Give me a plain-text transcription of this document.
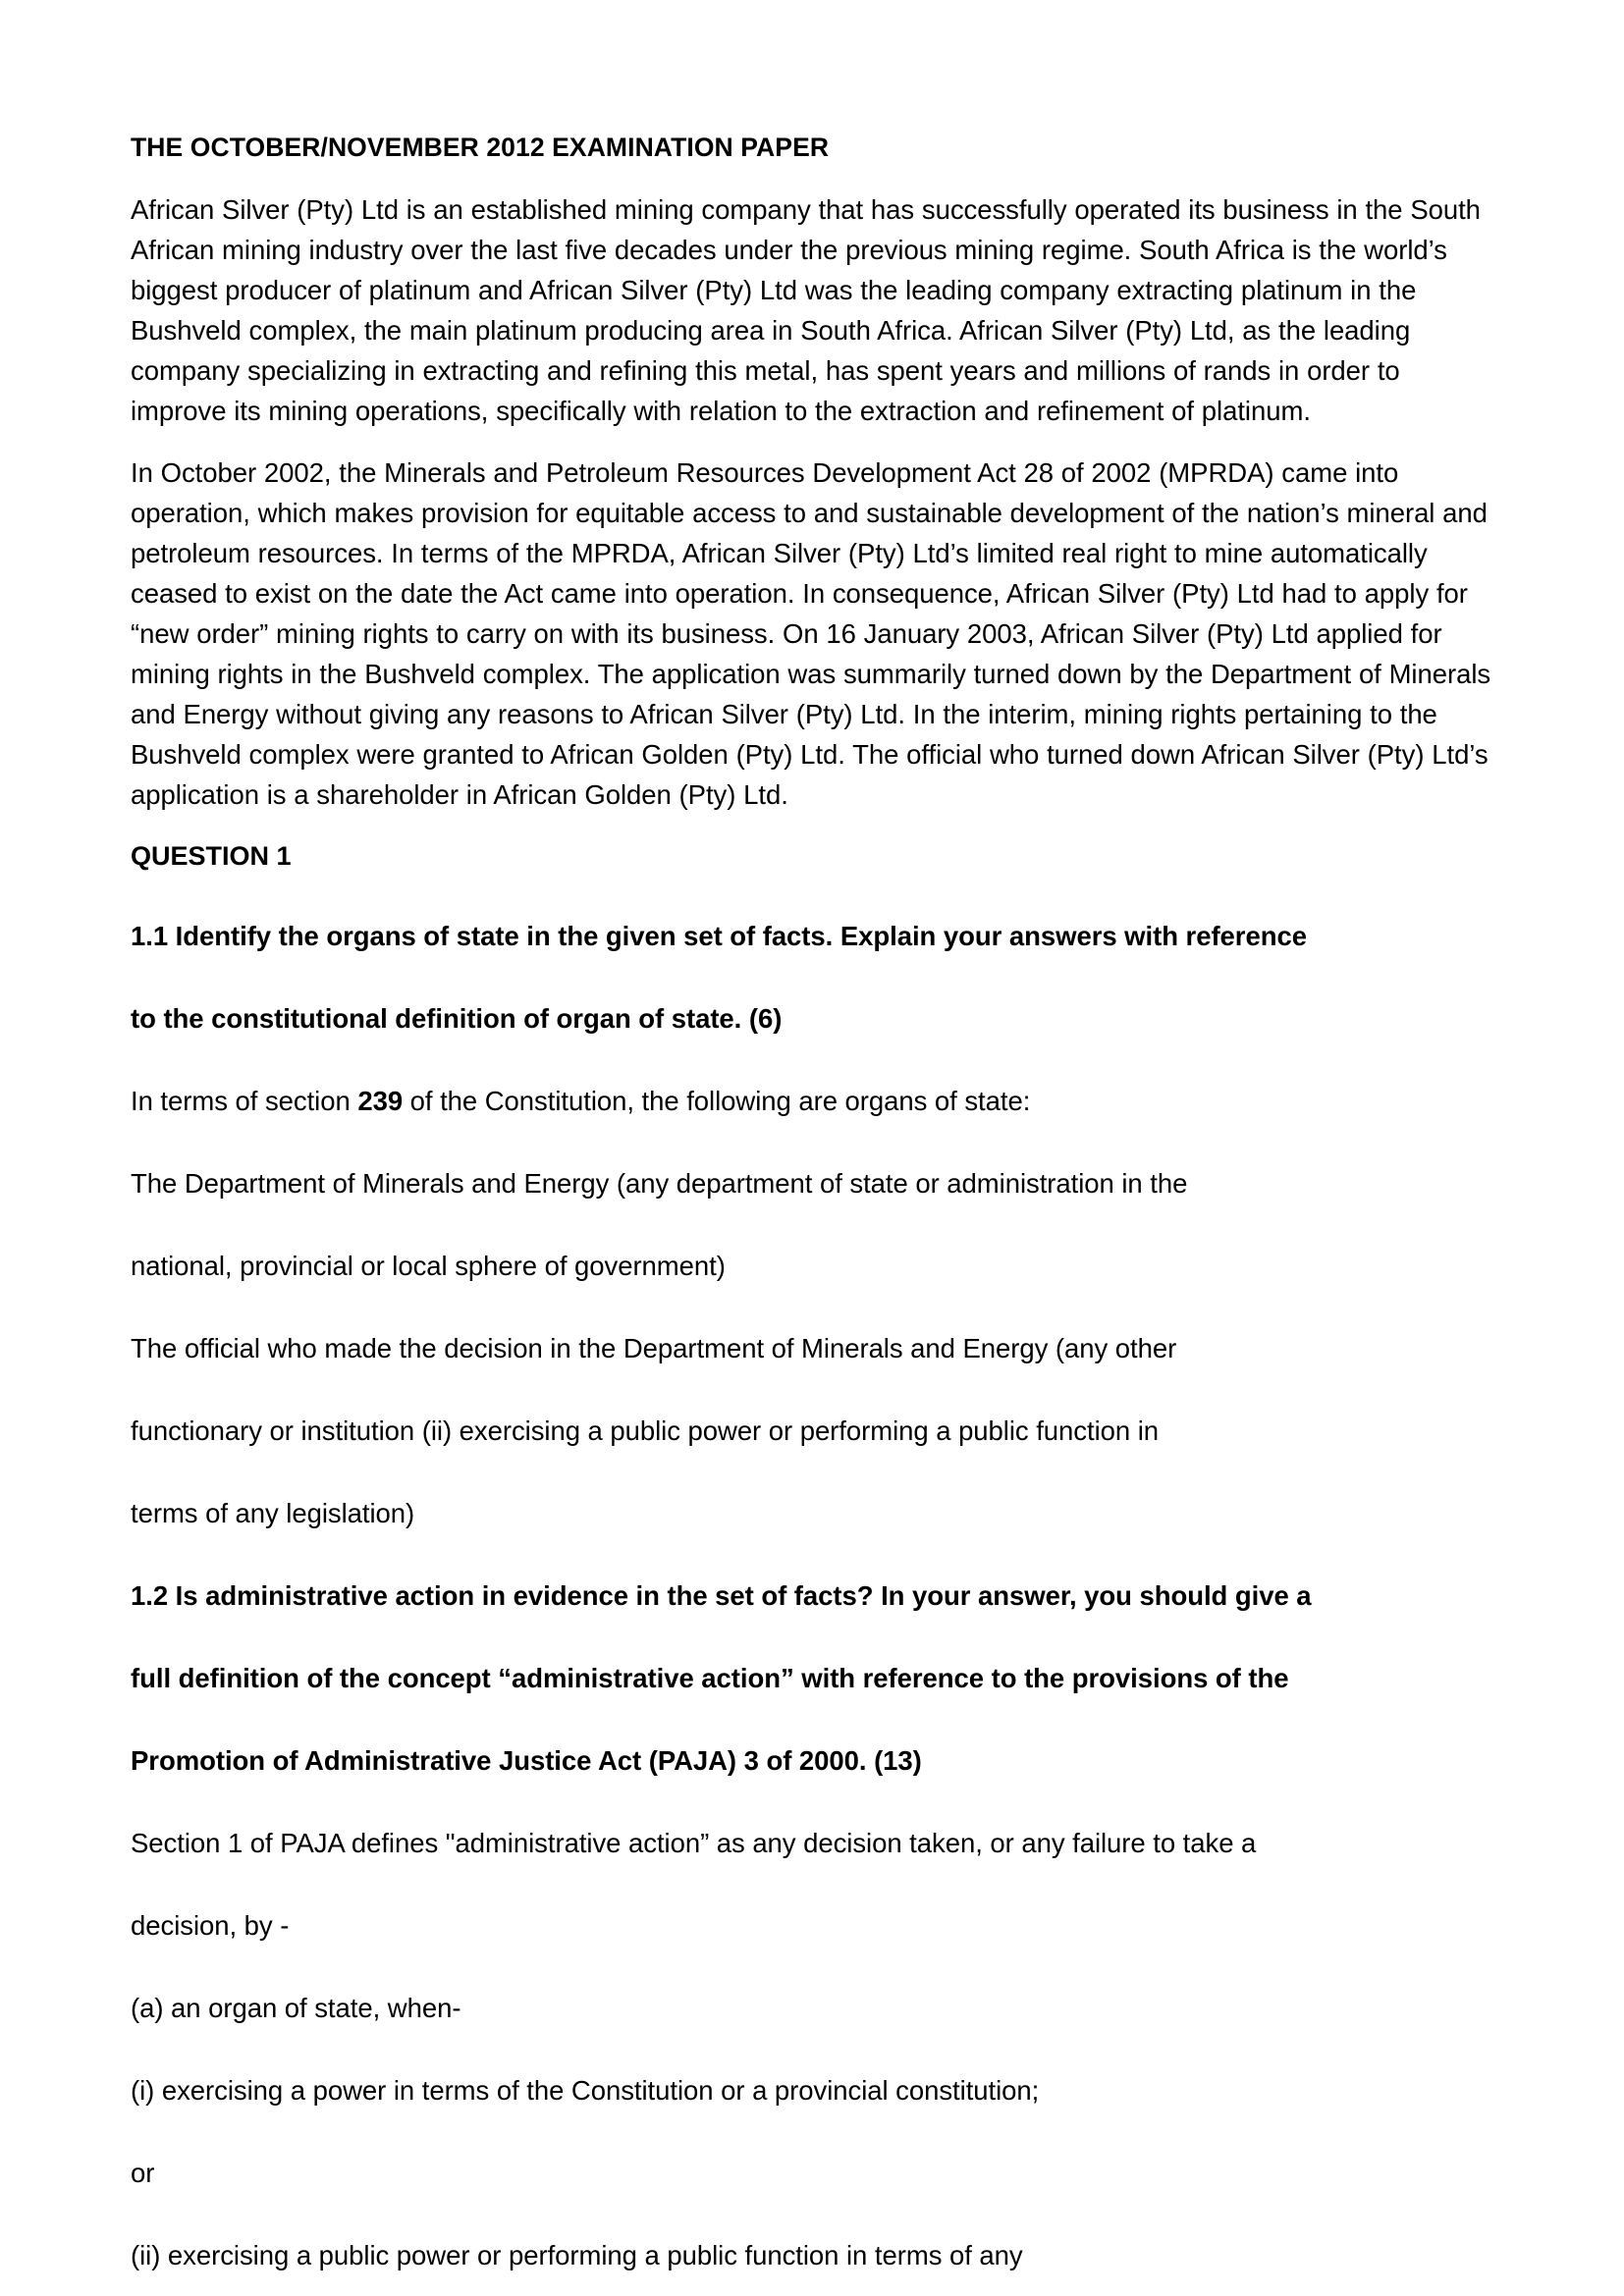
THE OCTOBER/NOVEMBER 2012 EXAMINATION PAPER

African Silver (Pty) Ltd is an established mining company that has successfully operated its business in the South African mining industry over the last five decades under the previous mining regime. South Africa is the world’s biggest producer of platinum and African Silver (Pty) Ltd was the leading company extracting platinum in the Bushveld complex, the main platinum producing area in South Africa. African Silver (Pty) Ltd, as the leading company specializing in extracting and refining this metal, has spent years and millions of rands in order to improve its mining operations, specifically with relation to the extraction and refinement of platinum.

In October 2002, the Minerals and Petroleum Resources Development Act 28 of 2002 (MPRDA) came into operation, which makes provision for equitable access to and sustainable development of the nation’s mineral and petroleum resources. In terms of the MPRDA, African Silver (Pty) Ltd’s limited real right to mine automatically ceased to exist on the date the Act came into operation. In consequence, African Silver (Pty) Ltd had to apply for “new order” mining rights to carry on with its business. On 16 January 2003, African Silver (Pty) Ltd applied for mining rights in the Bushveld complex. The application was summarily turned down by the Department of Minerals and Energy without giving any reasons to African Silver (Pty) Ltd. In the interim, mining rights pertaining to the Bushveld complex were granted to African Golden (Pty) Ltd. The official who turned down African Silver (Pty) Ltd’s application is a shareholder in African Golden (Pty) Ltd.

QUESTION 1

1.1 Identify the organs of state in the given set of facts. Explain your answers with reference

to the constitutional definition of organ of state. (6)

In terms of section 239 of the Constitution, the following are organs of state:

The Department of Minerals and Energy (any department of state or administration in the

national, provincial or local sphere of government)

The official who made the decision in the Department of Minerals and Energy (any other

functionary or institution (ii) exercising a public power or performing a public function in

terms of any legislation)

1.2 Is administrative action in evidence in the set of facts? In your answer, you should give a

full definition of the concept “administrative action” with reference to the provisions of the

Promotion of Administrative Justice Act (PAJA) 3 of 2000. (13)

Section 1 of PAJA defines "administrative action” as any decision taken, or any failure to take a

decision, by -

(a) an organ of state, when-

(i) exercising a power in terms of the Constitution or a provincial constitution;

or

(ii) exercising a public power or performing a public function in terms of any
